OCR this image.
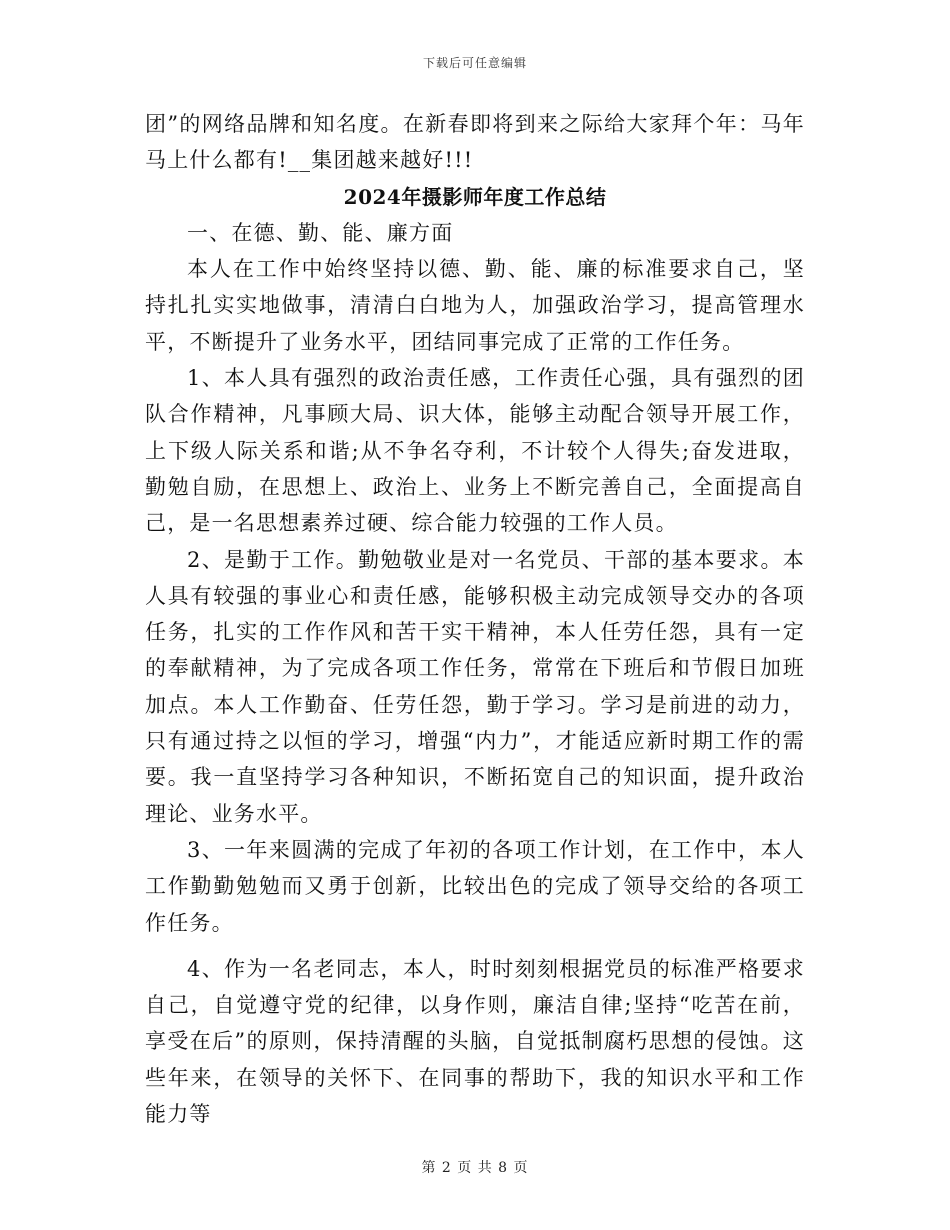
下载后可任意编辑

团”的网络品牌和知名度。在新春即将到来之际给大家拜个年：马年马上什么都有!__集团越来越好!!!

2024年摄影师年度工作总结

一、在德、勤、能、廉方面

本人在工作中始终坚持以德、勤、能、廉的标准要求自己，坚持扎扎实实地做事，清清白白地为人，加强政治学习，提高管理水平，不断提升了业务水平，团结同事完成了正常的工作任务。

1、本人具有强烈的政治责任感，工作责任心强，具有强烈的团队合作精神，凡事顾大局、识大体，能够主动配合领导开展工作，上下级人际关系和谐;从不争名夺利，不计较个人得失;奋发进取，勤勉自励，在思想上、政治上、业务上不断完善自己，全面提高自己，是一名思想素养过硬、综合能力较强的工作人员。

2、是勤于工作。勤勉敬业是对一名党员、干部的基本要求。本人具有较强的事业心和责任感，能够积极主动完成领导交办的各项任务，扎实的工作作风和苦干实干精神，本人任劳任怨，具有一定的奉献精神，为了完成各项工作任务，常常在下班后和节假日加班加点。本人工作勤奋、任劳任怨，勤于学习。学习是前进的动力，只有通过持之以恒的学习，增强“内力”，才能适应新时期工作的需要。我一直坚持学习各种知识，不断拓宽自己的知识面，提升政治理论、业务水平。

3、一年来圆满的完成了年初的各项工作计划，在工作中，本人工作勤勤勉勉而又勇于创新，比较出色的完成了领导交给的各项工作任务。

4、作为一名老同志，本人，时时刻刻根据党员的标准严格要求自己，自觉遵守党的纪律，以身作则，廉洁自律;坚持“吃苦在前，享受在后”的原则，保持清醒的头脑，自觉抵制腐朽思想的侵蚀。这些年来，在领导的关怀下、在同事的帮助下，我的知识水平和工作能力等

第 2 页 共 8 页
